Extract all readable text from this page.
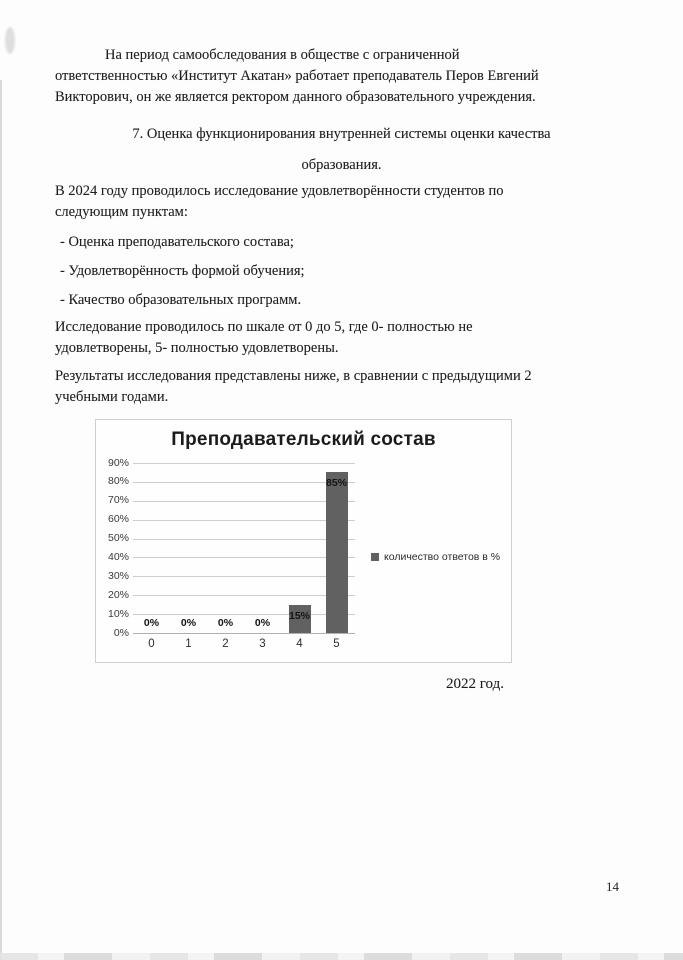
На период самообследования в обществе с ограниченной
ответственностью «Институт Акатан» работает преподаватель Перов Евгений
Викторович, он же является ректором данного образовательного учреждения.
7. Оценка функционирования внутренней системы оценки качества
образования.
В 2024 году проводилось исследование удовлетворённости студентов по
следующим пунктам:
- Оценка преподавательского состава;
- Удовлетворённость формой обучения;
- Качество образовательных программ.
Исследование проводилось по шкале от 0 до 5, где 0- полностью не
удовлетворены, 5- полностью удовлетворены.
Результаты исследования представлены ниже, в сравнении с предыдущими 2
учебными годами.
Преподавательский состав
0%
10%
20%
30%
40%
50%
60%
70%
80%
90%
0%
0
0%
1
0%
2
0%
3
15%
4
85%
5
количество ответов в %
2022 год.
14
